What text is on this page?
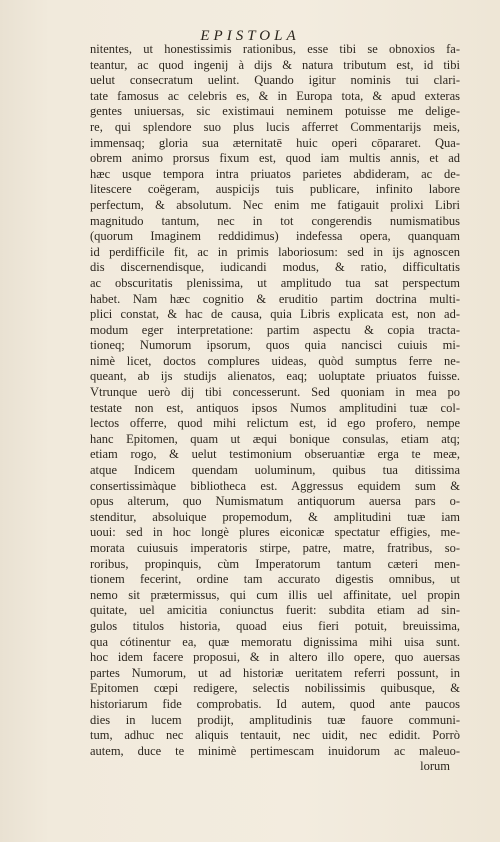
EPISTOLA

nitentes, ut honestissimis rationibus, esse tibi se obnoxios fa-

teantur, ac quod ingenij à dijs & natura tributum est, id tibi

uelut consecratum uelint. Quando igitur nominis tui clari-

tate famosus ac celebris es, & in Europa tota, & apud exteras

gentes uniuersas, sic existimaui neminem potuisse me delige-

re, qui splendore suo plus lucis afferret Commentarijs meis,

immensaq; gloria sua æternitatē huic operi cōpararet. Qua-

obrem animo prorsus fixum est, quod iam multis annis, et ad

hæc usque tempora intra priuatos parietes abdideram, ac de-

litescere coëgeram, auspicijs tuis publicare, infinito labore

perfectum, & absolutum. Nec enim me fatigauit prolixi Libri

magnitudo tantum, nec in tot congerendis numismatibus

(quorum Imaginem reddidimus) indefessa opera, quanquam

id perdifficile fit, ac in primis laboriosum: sed in ijs agnoscen

dis discernendisque, iudicandi modus, & ratio, difficultatis

ac obscuritatis plenissima, ut amplitudo tua sat perspectum

habet. Nam hæc cognitio & eruditio partim doctrina multi-

plici constat, & hac de causa, quia Libris explicata est, non ad-

modum eger interpretatione: partim aspectu & copia tracta-

tioneq; Numorum ipsorum, quos quia nancisci cuiuis mi-

nimè licet, doctos complures uideas, quòd sumptus ferre ne-

queant, ab ijs studijs alienatos, eaq; uoluptate priuatos fuisse.

Vtrunque uerò dij tibi concesserunt. Sed quoniam in mea po

testate non est, antiquos ipsos Numos amplitudini tuæ col-

lectos offerre, quod mihi relictum est, id ego profero, nempe

hanc Epitomen, quam ut æqui bonique consulas, etiam atq;

etiam rogo, & uelut testimonium obseruantiæ erga te meæ,

atque Indicem quendam uoluminum, quibus tua ditissima

consertissimàque bibliotheca est. Aggressus equidem sum &

opus alterum, quo Numismatum antiquorum auersa pars o-

stenditur, absoluique propemodum, & amplitudini tuæ iam

uoui: sed in hoc longè plures eiconicæ spectatur effigies, me-

morata cuiusuis imperatoris stirpe, patre, matre, fratribus, so-

roribus, propinquis, cùm Imperatorum tantum cæteri men-

tionem fecerint, ordine tam accurato digestis omnibus, ut

nemo sit prætermissus, qui cum illis uel affinitate, uel propin

quitate, uel amicitia coniunctus fuerit: subdita etiam ad sin-

gulos titulos historia, quoad eius fieri potuit, breuissima,

qua cótinentur ea, quæ memoratu dignissima mihi uisa sunt.

hoc idem facere proposui, & in altero illo opere, quo auersas

partes Numorum, ut ad historiæ ueritatem referri possunt, in

Epitomen cœpi redigere, selectis nobilissimis quibusque, &

historiarum fide comprobatis. Id autem, quod ante paucos

dies in lucem prodijt, amplitudinis tuæ fauore communi-

tum, adhuc nec aliquis tentauit, nec uidit, nec edidit. Porrò

autem, duce te minimè pertimescam inuidorum ac maleuo-

lorum
